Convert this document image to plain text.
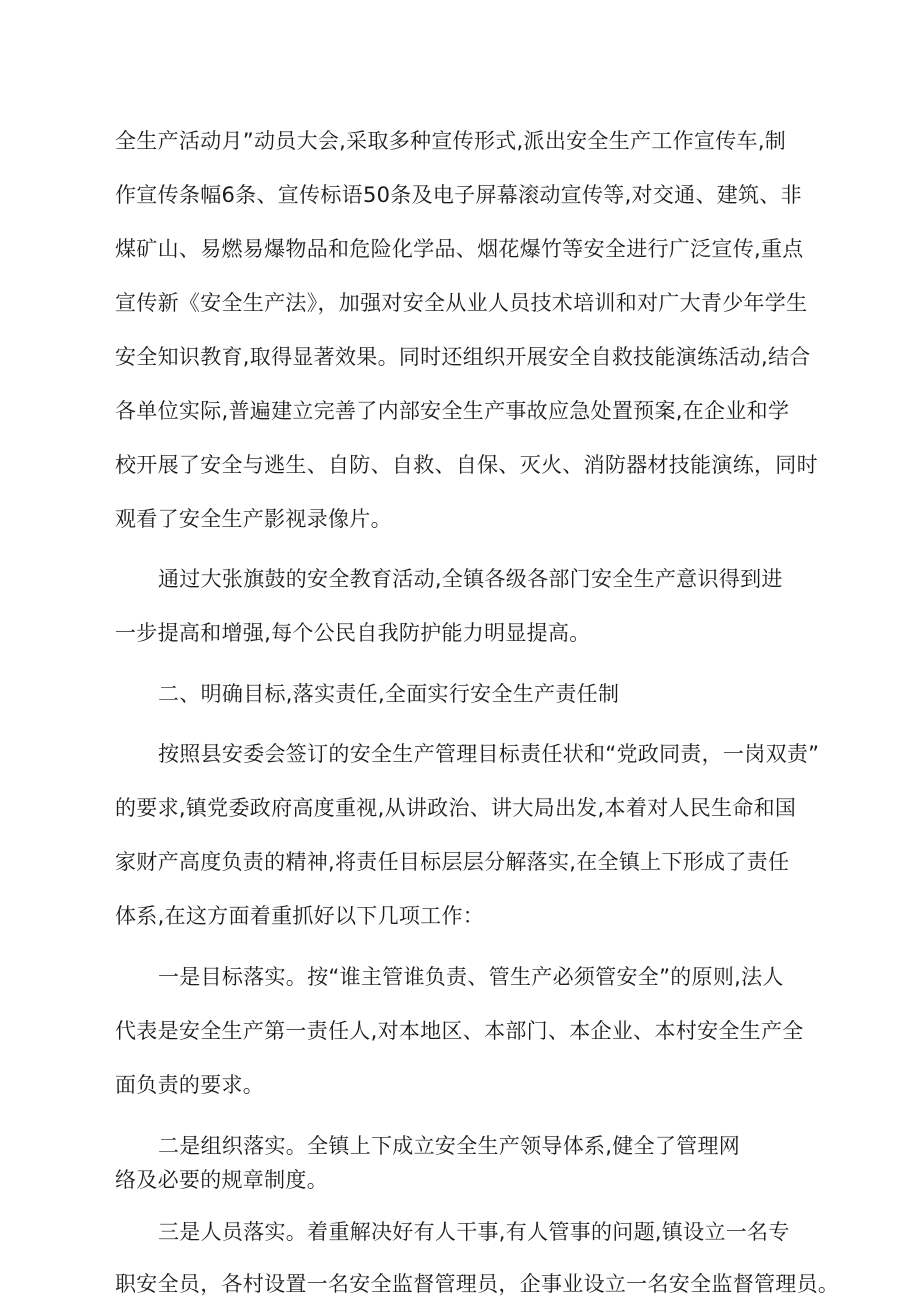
全生产活动月”动员大会,采取多种宣传形式,派出安全生产工作宣传车,制
作宣传条幅6条、宣传标语50条及电子屏幕滚动宣传等,对交通、建筑、非
煤矿山、易燃易爆物品和危险化学品、烟花爆竹等安全进行广泛宣传,重点
宣传新《安全生产法》，加强对安全从业人员技术培训和对广大青少年学生
安全知识教育,取得显著效果。同时还组织开展安全自救技能演练活动,结合
各单位实际,普遍建立完善了内部安全生产事故应急处置预案,在企业和学
校开展了安全与逃生、自防、自救、自保、灭火、消防器材技能演练，同时
观看了安全生产影视录像片。
通过大张旗鼓的安全教育活动,全镇各级各部门安全生产意识得到进
一步提高和增强,每个公民自我防护能力明显提高。
二、明确目标,落实责任,全面实行安全生产责任制
按照县安委会签订的安全生产管理目标责任状和“党政同责，一岗双责”
的要求,镇党委政府高度重视,从讲政治、讲大局出发,本着对人民生命和国
家财产高度负责的精神,将责任目标层层分解落实,在全镇上下形成了责任
体系,在这方面着重抓好以下几项工作：
一是目标落实。按“谁主管谁负责、管生产必须管安全”的原则,法人
代表是安全生产第一责任人,对本地区、本部门、本企业、本村安全生产全
面负责的要求。
二是组织落实。全镇上下成立安全生产领导体系,健全了管理网
络及必要的规章制度。
三是人员落实。着重解决好有人干事,有人管事的问题,镇设立一名专
职安全员，各村设置一名安全监督管理员，企事业设立一名安全监督管理员。
